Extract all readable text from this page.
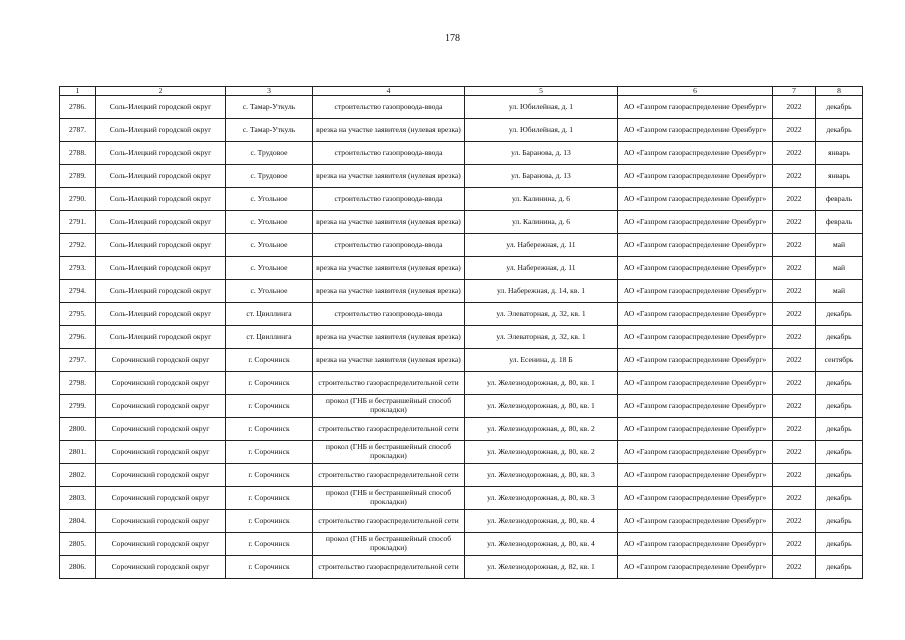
178
1	2	3	4	5	6	7	8
2786.	Соль-Илецкий городской округ	с. Тамар-Уткуль	строительство газопровода-ввода	ул. Юбилейная, д. 1	АО «Газпром газораспределение Оренбург»	2022	декабрь
2787.	Соль-Илецкий городской округ	с. Тамар-Уткуль	врезка на участке заявителя (нулевая врезка)	ул. Юбилейная, д. 1	АО «Газпром газораспределение Оренбург»	2022	декабрь
2788.	Соль-Илецкий городской округ	с. Трудовое	строительство газопровода-ввода	ул. Баранова, д. 13	АО «Газпром газораспределение Оренбург»	2022	январь
2789.	Соль-Илецкий городской округ	с. Трудовое	врезка на участке заявителя (нулевая врезка)	ул. Баранова, д. 13	АО «Газпром газораспределение Оренбург»	2022	январь
2790.	Соль-Илецкий городской округ	с. Угольное	строительство газопровода-ввода	ул. Калинина, д. 6	АО «Газпром газораспределение Оренбург»	2022	февраль
2791.	Соль-Илецкий городской округ	с. Угольное	врезка на участке заявителя (нулевая врезка)	ул. Калинина, д. 6	АО «Газпром газораспределение Оренбург»	2022	февраль
2792.	Соль-Илецкий городской округ	с. Угольное	строительство газопровода-ввода	ул. Набережная, д. 11	АО «Газпром газораспределение Оренбург»	2022	май
2793.	Соль-Илецкий городской округ	с. Угольное	врезка на участке заявителя (нулевая врезка)	ул. Набережная, д. 11	АО «Газпром газораспределение Оренбург»	2022	май
2794.	Соль-Илецкий городской округ	с. Угольное	врезка на участке заявителя (нулевая врезка)	ул. Набережная, д. 14, кв. 1	АО «Газпром газораспределение Оренбург»	2022	май
2795.	Соль-Илецкий городской округ	ст. Цвиллинга	строительство газопровода-ввода	ул. Элеваторная, д. 32, кв. 1	АО «Газпром газораспределение Оренбург»	2022	декабрь
2796.	Соль-Илецкий городской округ	ст. Цвиллинга	врезка на участке заявителя (нулевая врезка)	ул. Элеваторная, д. 32, кв. 1	АО «Газпром газораспределение Оренбург»	2022	декабрь
2797.	Сорочинский городской округ	г. Сорочинск	врезка на участке заявителя (нулевая врезка)	ул. Есенина, д. 18 Б	АО «Газпром газораспределение Оренбург»	2022	сентябрь
2798.	Сорочинский городской округ	г. Сорочинск	строительство газораспределительной сети	ул. Железнодорожная, д. 80, кв. 1	АО «Газпром газораспределение Оренбург»	2022	декабрь
2799.	Сорочинский городской округ	г. Сорочинск	прокол (ГНБ и бестраншейный способ прокладки)	ул. Железнодорожная, д. 80, кв. 1	АО «Газпром газораспределение Оренбург»	2022	декабрь
2800.	Сорочинский городской округ	г. Сорочинск	строительство газораспределительной сети	ул. Железнодорожная, д. 80, кв. 2	АО «Газпром газораспределение Оренбург»	2022	декабрь
2801.	Сорочинский городской округ	г. Сорочинск	прокол (ГНБ и бестраншейный способ прокладки)	ул. Железнодорожная, д. 80, кв. 2	АО «Газпром газораспределение Оренбург»	2022	декабрь
2802.	Сорочинский городской округ	г. Сорочинск	строительство газораспределительной сети	ул. Железнодорожная, д. 80, кв. 3	АО «Газпром газораспределение Оренбург»	2022	декабрь
2803.	Сорочинский городской округ	г. Сорочинск	прокол (ГНБ и бестраншейный способ прокладки)	ул. Железнодорожная, д. 80, кв. 3	АО «Газпром газораспределение Оренбург»	2022	декабрь
2804.	Сорочинский городской округ	г. Сорочинск	строительство газораспределительной сети	ул. Железнодорожная, д. 80, кв. 4	АО «Газпром газораспределение Оренбург»	2022	декабрь
2805.	Сорочинский городской округ	г. Сорочинск	прокол (ГНБ и бестраншейный способ прокладки)	ул. Железнодорожная, д. 80, кв. 4	АО «Газпром газораспределение Оренбург»	2022	декабрь
2806.	Сорочинский городской округ	г. Сорочинск	строительство газораспределительной сети	ул. Железнодорожная, д. 82, кв. 1	АО «Газпром газораспределение Оренбург»	2022	декабрь
